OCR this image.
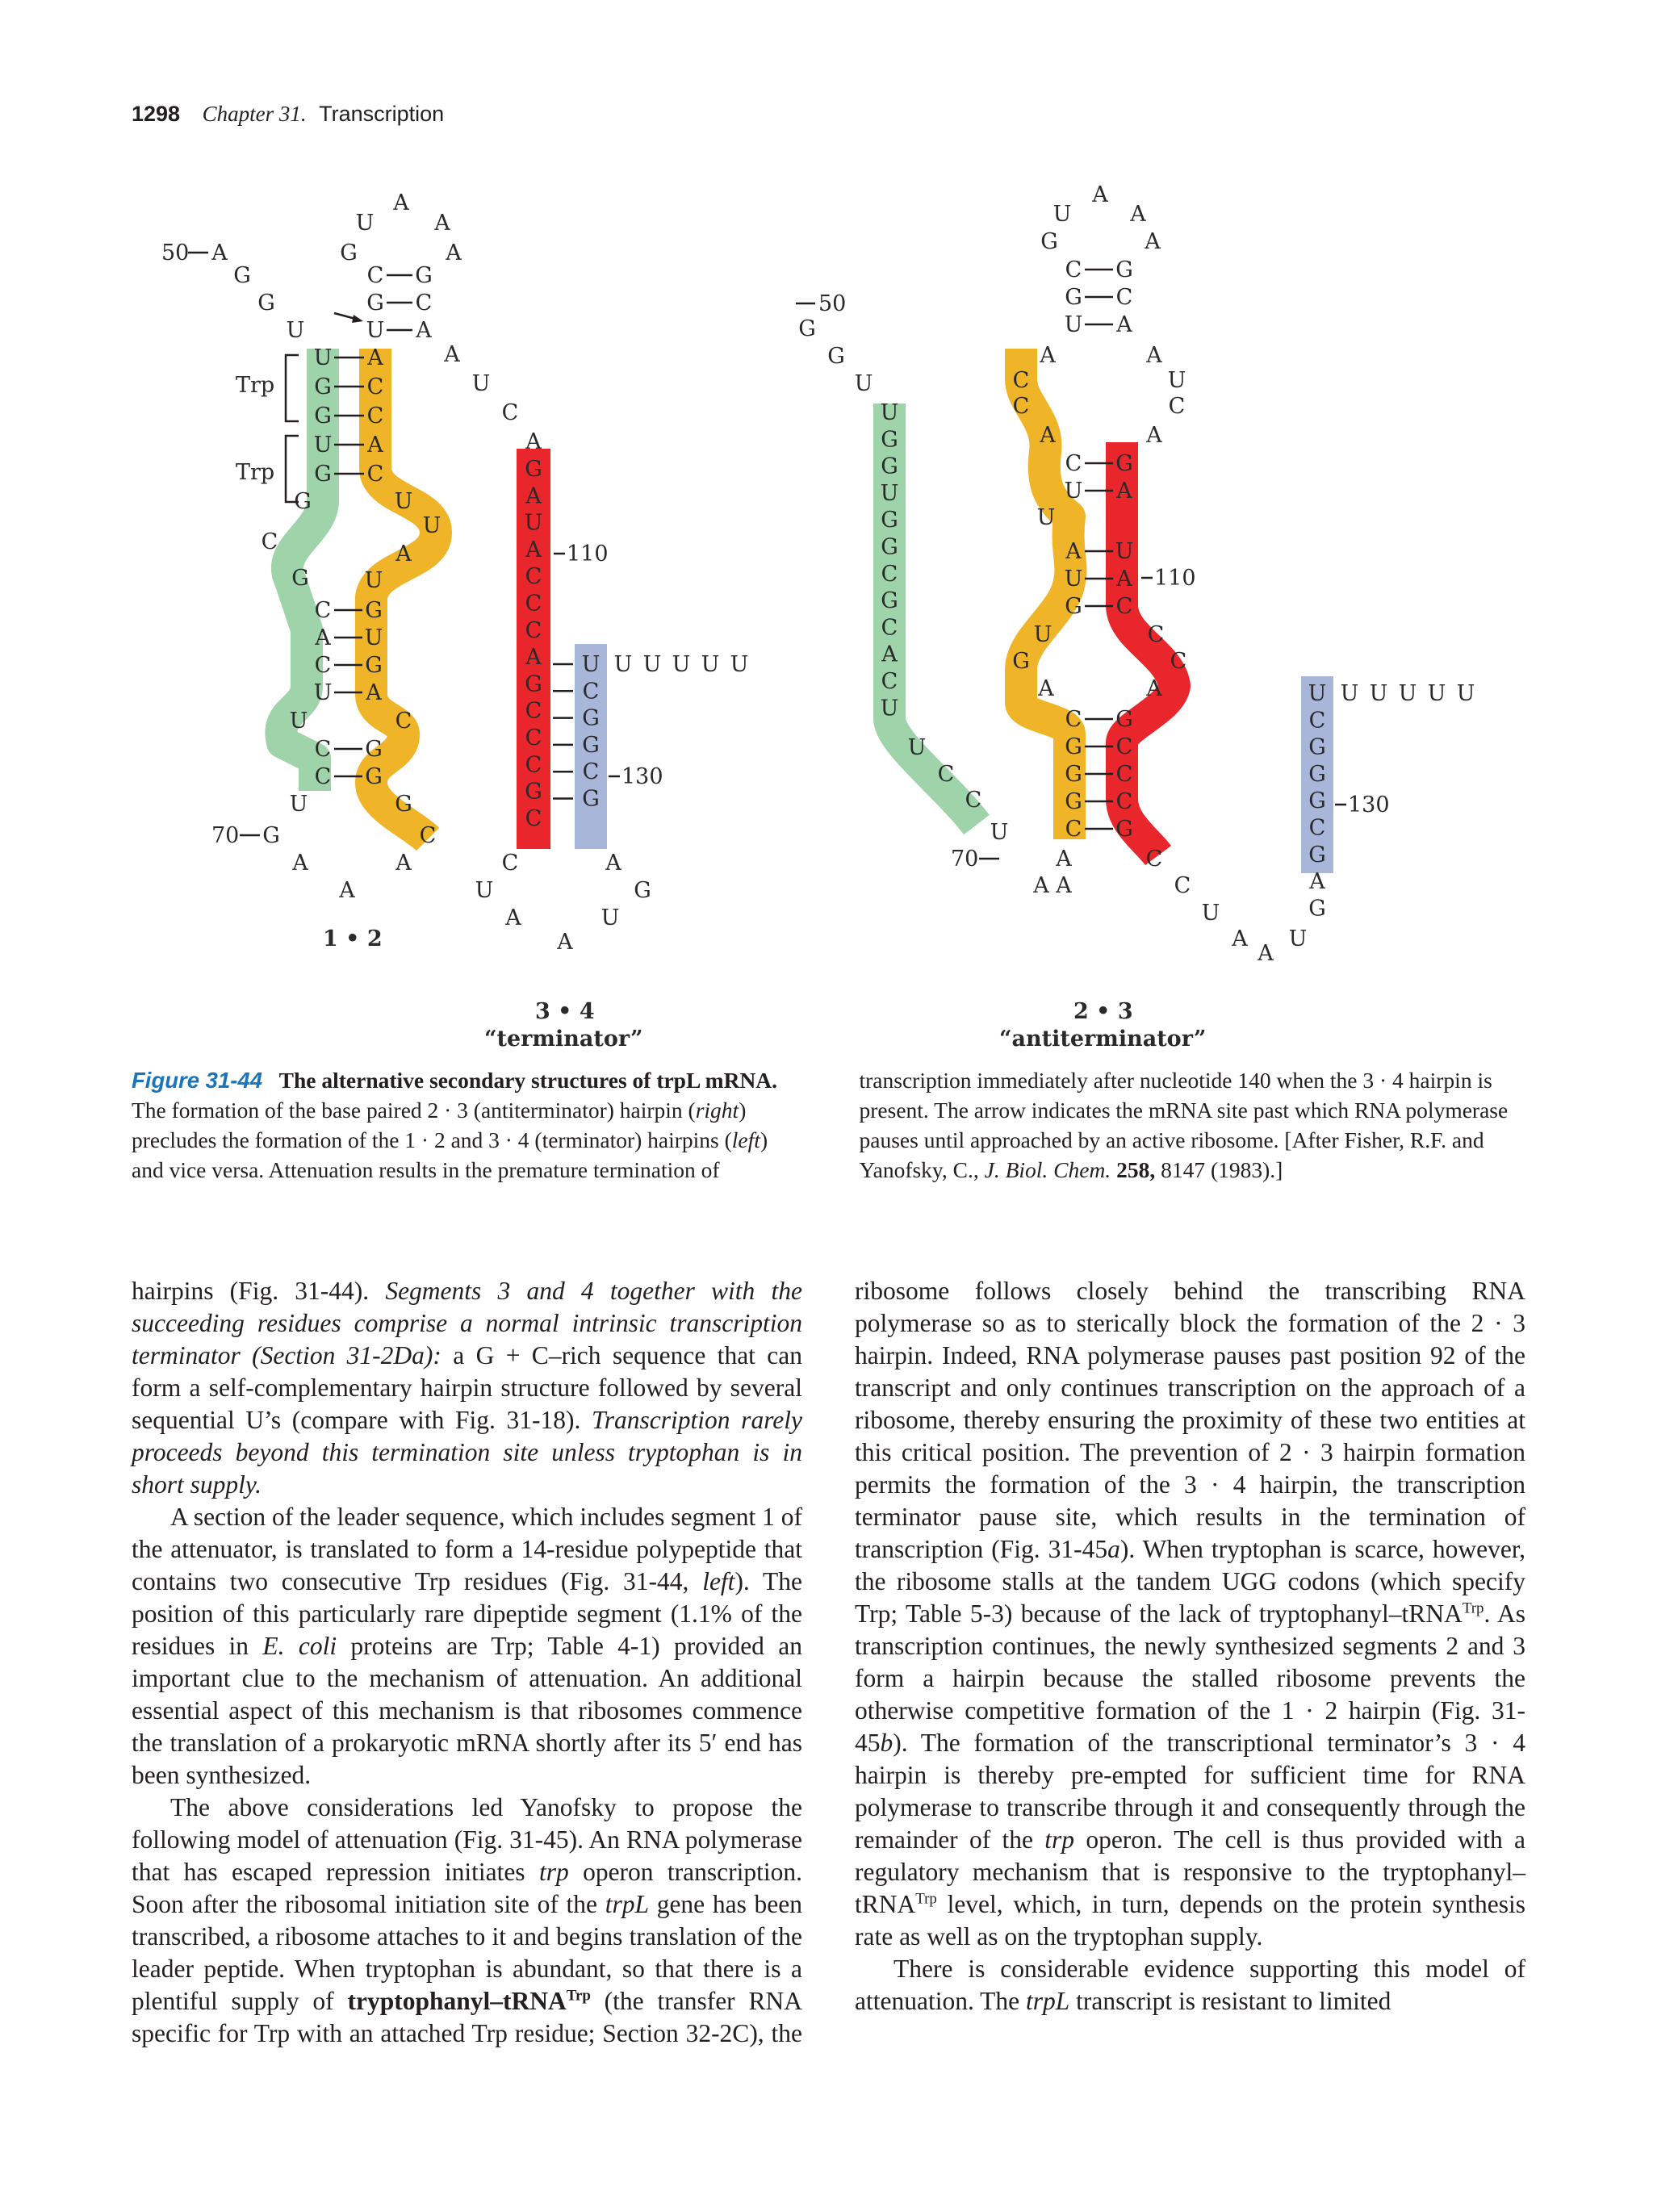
1298 Chapter 31. Transcription
A
U	A
G	A
A
G
G
U
C G
G C
U A
U A
G C
G C
U A
G C
G
C
G
U
U
A
U
C G
A U
C G
U A
U	C
C G
C G
U	G
G	C
A	A
A
A
U
C
A
G
A
U
A
C
C
C
A
G
C
C
C
G
C
U
C
G
G
C
G
U U U U U
C
U
A
A
A
G
U
Trp
Trp
50
70
110
130
1 • 2
3 • 4
“terminator”
A
U	A
G	A
C G
G C
U A
A	A
C	U
C	C
A	A
G
G
U
U
G
G
U
G
G
C
G
C
A
C
U
U
C
C
C G
U A
U
A U
U A
G C
U	C
G	C
A	A
C G
G C
G C
G C
C G
U
A	C
A A	C
U
A
A
U
U
C
G
G
G
C
G
A
G
U U U U U
50
70
110
130
2 • 3
“antiterminator”
Figure 31-44 The alternative secondary structures of trpL mRNA. The formation of the base paired 2 · 3 (antiterminator) hairpin (right) precludes the formation of the 1 · 2 and 3 · 4 (terminator) hairpins (left) and vice versa. Attenuation results in the premature termination of transcription immediately after nucleotide 140 when the 3 · 4 hairpin is present. The arrow indicates the mRNA site past which RNA polymerase pauses until approached by an active ribosome. [After Fisher, R.F. and Yanofsky, C., J. Biol. Chem. 258, 8147 (1983).]

hairpins (Fig. 31-44). Segments 3 and 4 together with the succeeding residues comprise a normal intrinsic transcription terminator (Section 31-2Da): a G + C–rich sequence that can form a self-complementary hairpin structure followed by several sequential U’s (compare with Fig. 31-18). Transcription rarely proceeds beyond this termination site unless tryptophan is in short supply.

A section of the leader sequence, which includes segment 1 of the attenuator, is translated to form a 14-residue polypeptide that contains two consecutive Trp residues (Fig. 31-44, left). The position of this particularly rare dipeptide segment (1.1% of the residues in E. coli proteins are Trp; Table 4-1) provided an important clue to the mechanism of attenuation. An additional essential aspect of this mechanism is that ribosomes commence the translation of a prokaryotic mRNA shortly after its 5′ end has been synthesized.

The above considerations led Yanofsky to propose the following model of attenuation (Fig. 31-45). An RNA polymerase that has escaped repression initiates trp operon transcription. Soon after the ribosomal initiation site of the trpL gene has been transcribed, a ribosome attaches to it and begins translation of the leader peptide. When tryptophan is abundant, so that there is a plentiful supply of tryptophanyl–tRNA$^{Trp}$ (the transfer RNA specific for Trp with an attached Trp residue; Section 32-2C), the ribosome follows closely behind the transcribing RNA polymerase so as to sterically block the formation of the 2 · 3 hairpin. Indeed, RNA polymerase pauses past position 92 of the transcript and only continues transcription on the approach of a ribosome, thereby ensuring the proximity of these two entities at this critical position. The prevention of 2 · 3 hairpin formation permits the formation of the 3 · 4 hairpin, the transcription terminator pause site, which results in the termination of transcription (Fig. 31-45a). When tryptophan is scarce, however, the ribosome stalls at the tandem UGG codons (which specify Trp; Table 5-3) because of the lack of tryptophanyl–tRNA$^{Trp}$. As transcription continues, the newly synthesized segments 2 and 3 form a hairpin because the stalled ribosome prevents the otherwise competitive formation of the 1 · 2 hairpin (Fig. 31-45b). The formation of the transcriptional terminator’s 3 · 4 hairpin is thereby pre-empted for sufficient time for RNA polymerase to transcribe through it and consequently through the remainder of the trp operon. The cell is thus provided with a regulatory mechanism that is responsive to the tryptophanyl–tRNA$^{Trp}$ level, which, in turn, depends on the protein synthesis rate as well as on the tryptophan supply.

There is considerable evidence supporting this model of attenuation. The trpL transcript is resistant to limited
